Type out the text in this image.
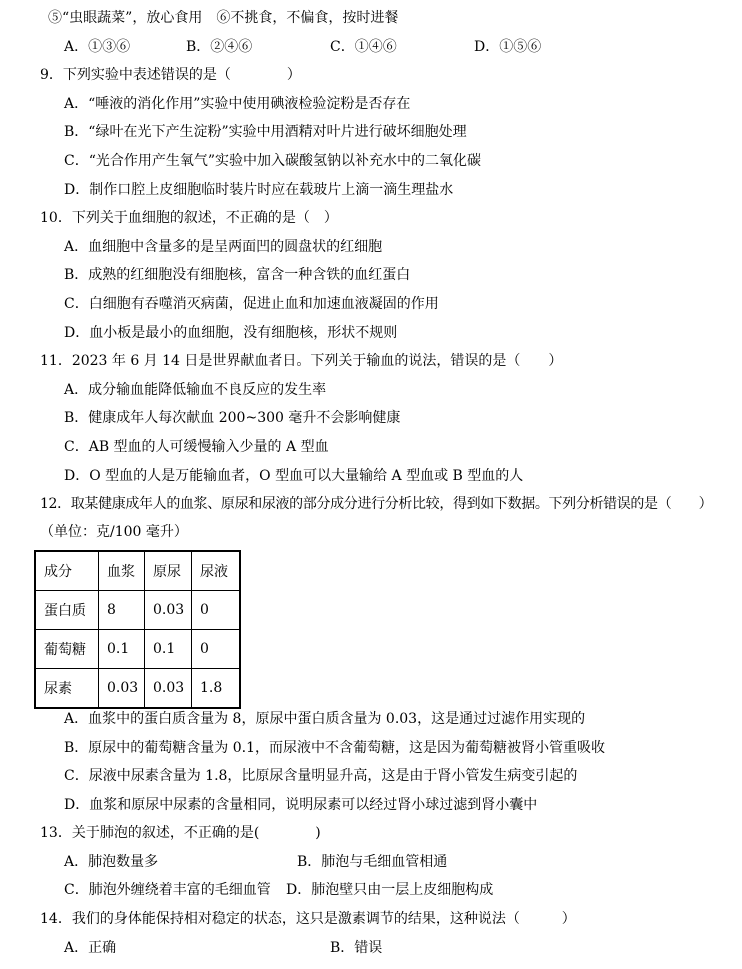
⑤“虫眼蔬菜”，放心食用　⑥不挑食，不偏食，按时进餐
A．①③⑥	B．②④⑥	C．①④⑥	D．①⑤⑥
9．下列实验中表述错误的是（　　　　）
A．“唾液的消化作用”实验中使用碘液检验淀粉是否存在
B．“绿叶在光下产生淀粉”实验中用酒精对叶片进行破坏细胞处理
C．“光合作用产生氧气”实验中加入碳酸氢钠以补充水中的二氧化碳
D．制作口腔上皮细胞临时装片时应在载玻片上滴一滴生理盐水
10．下列关于血细胞的叙述，不正确的是（　）
A．血细胞中含量多的是呈两面凹的圆盘状的红细胞
B．成熟的红细胞没有细胞核，富含一种含铁的血红蛋白
C．白细胞有吞噬消灭病菌，促进止血和加速血液凝固的作用
D．血小板是最小的血细胞，没有细胞核，形状不规则
11．2023 年 6 月 14 日是世界献血者日。下列关于输血的说法，错误的是（　　）
A．成分输血能降低输血不良反应的发生率
B．健康成年人每次献血 200~300 毫升不会影响健康
C．AB 型血的人可缓慢输入少量的 A 型血
D．O 型血的人是万能输血者，O 型血可以大量输给 A 型血或 B 型血的人
12．取某健康成年人的血浆、原尿和尿液的部分成分进行分析比较，得到如下数据。下列分析错误的是（　　）
（单位：克/100 毫升）
成分	血浆	原尿	尿液
蛋白质	8	0.03	0
葡萄糖	0.1	0.1	0
尿素	0.03	0.03	1.8
A．血浆中的蛋白质含量为 8，原尿中蛋白质含量为 0.03，这是通过过滤作用实现的
B．原尿中的葡萄糖含量为 0.1，而尿液中不含葡萄糖，这是因为葡萄糖被肾小管重吸收
C．尿液中尿素含量为 1.8，比原尿含量明显升高，这是由于肾小管发生病变引起的
D．血浆和原尿中尿素的含量相同，说明尿素可以经过肾小球过滤到肾小囊中
13．关于肺泡的叙述，不正确的是(　　　　)
A．肺泡数量多	B．肺泡与毛细血管相通
C．肺泡外缠绕着丰富的毛细血管 D．肺泡壁只由一层上皮细胞构成
14．我们的身体能保持相对稳定的状态，这只是激素调节的结果，这种说法（　　　）
A．正确	B．错误
